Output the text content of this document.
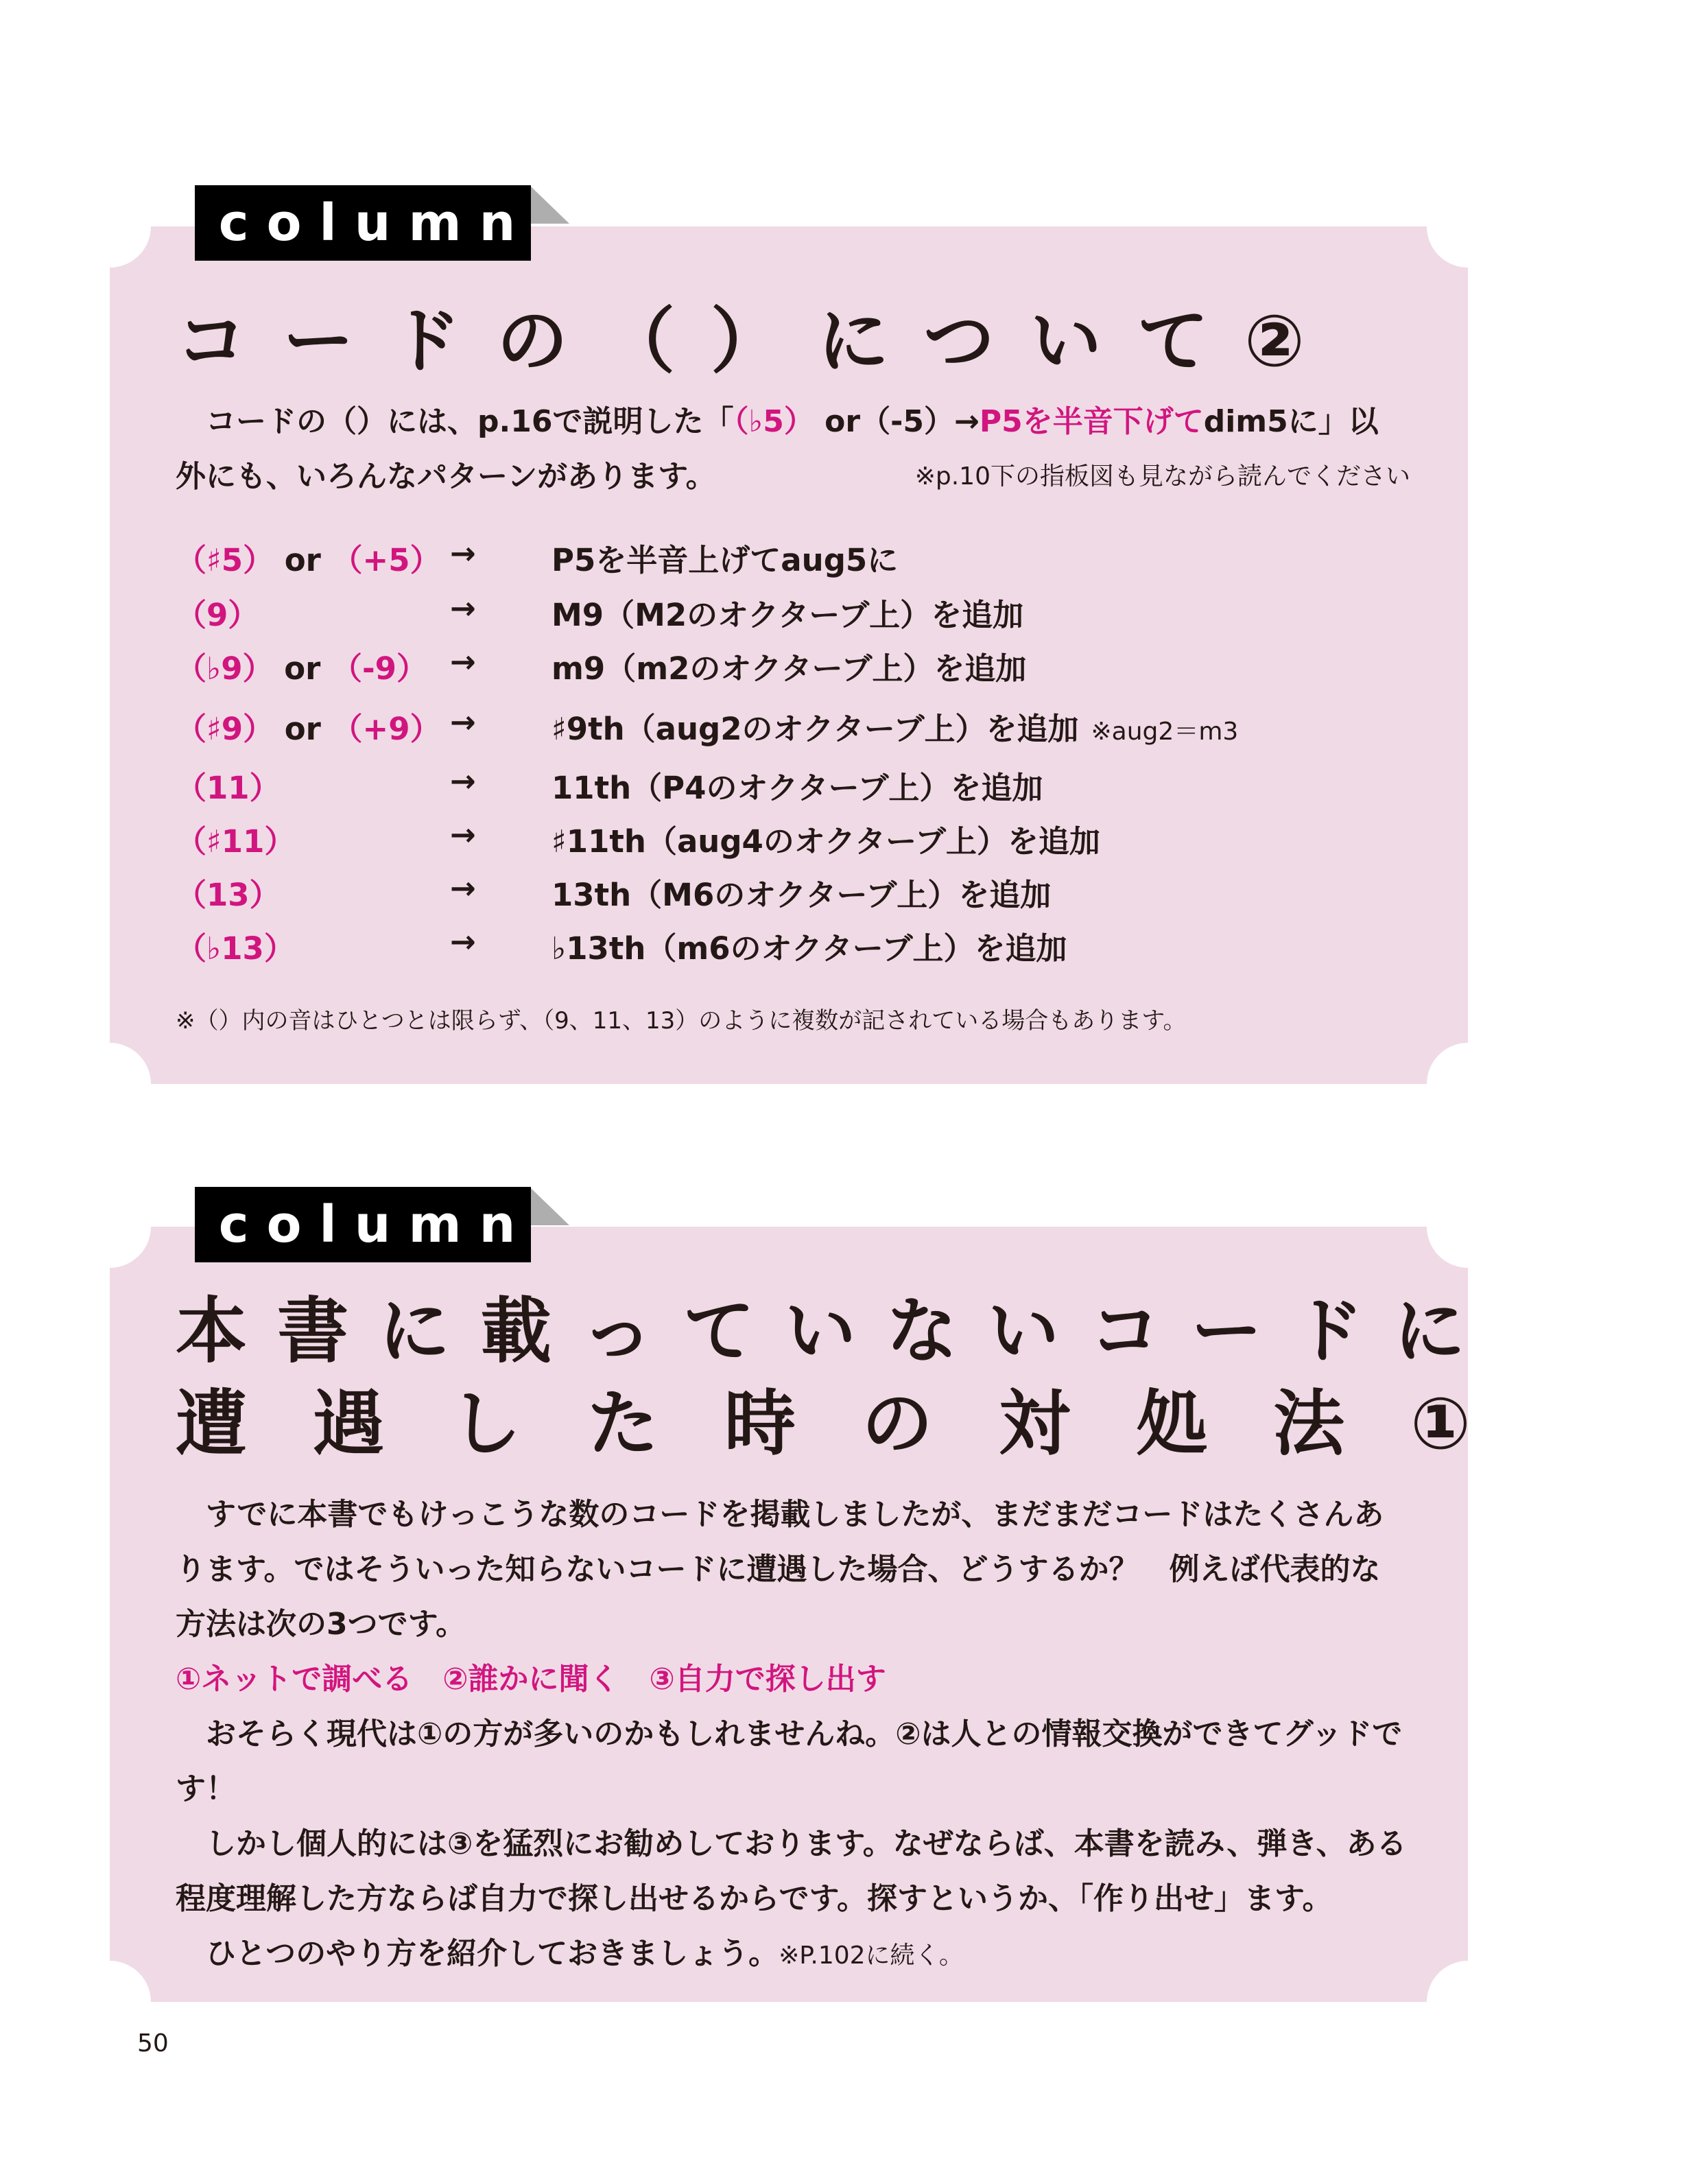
コードの（）について②
コードの（）には、p.16で説明した「（♭5） or（-5）→P5を半音下げてdim5に」以
外にも、いろんなパターンがあります。	※p.10下の指板図も見ながら読んでください
（♯5） or （+5） → P5を半音上げてaug5に
（9）	→ M9（M2のオクターブ上）を追加
（♭9） or （-9） → m9（m2のオクターブ上）を追加
（♯9） or （+9） → ♯9th（aug2のオクターブ上）を追加 ※aug2＝m3
（11）	→ 11th（P4のオクターブ上）を追加
（♯11）	→ ♯11th（aug4のオクターブ上）を追加
（13）	→ 13th（M6のオクターブ上）を追加
（♭13）	→ ♭13th（m6のオクターブ上）を追加
※（）内の音はひとつとは限らず、（9、11、13）のように複数が記されている場合もあります。
column
本書に載っていないコードに
遭遇した時の対処法①
すでに本書でもけっこうな数のコードを掲載しましたが、まだまだコードはたくさんあります。ではそういった知らないコードに遭遇した場合、どうするか？　例えば代表的な方法は次の3つです。
①ネットで調べる　②誰かに聞く　③自力で探し出す
おそらく現代は①の方が多いのかもしれませんね。②は人との情報交換ができてグッドです！
しかし個人的には③を猛烈にお勧めしております。なぜならば、本書を読み、弾き、ある程度理解した方ならば自力で探し出せるからです。探すというか、「作り出せ」ます。
ひとつのやり方を紹介しておきましょう。※P.102に続く。
column
50
